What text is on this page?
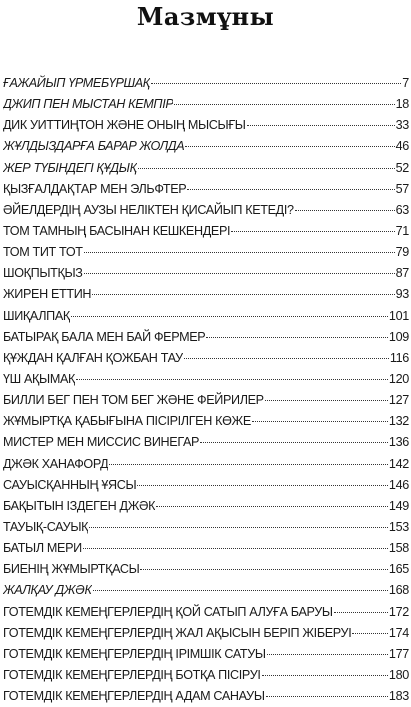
Мазмұны
ҒАЖАЙЫП ҮРМЕБҮРШАҚ	7
ДЖИП ПЕН МЫСТАН КЕМПІР	18
ДИК УИТТИҢТОН ЖӘНЕ ОНЫҢ МЫСЫҒЫ	33
ЖҰЛДЫЗДАРҒА БАРАР ЖОЛДА	46
ЖЕР ТҮБІНДЕГІ ҚҰДЫҚ	52
ҚЫЗҒАЛДАҚТАР МЕН ЭЛЬФТЕР	57
ӘЙЕЛДЕРДІҢ АУЗЫ НЕЛІКТЕН ҚИСАЙЫП КЕТЕДІ?	63
ТОМ ТАМНЫҢ БАСЫНАН КЕШКЕНДЕРІ	71
ТОМ ТИТ ТОТ	79
ШОҚПЫТҚЫЗ	87
ЖИРЕН ЕТТИН	93
ШИҚАЛПАҚ	101
БАТЫРАҚ БАЛА МЕН БАЙ ФЕРМЕР	109
ҚҰЖДАН ҚАЛҒАН ҚОЖБАН ТАУ	116
ҮШ АҚЫМАҚ	120
БИЛЛИ БЕГ ПЕН ТОМ БЕГ ЖӘНЕ ФЕЙРИЛЕР	127
ЖҰМЫРТҚА ҚАБЫҒЫНА ПІСІРІЛГЕН КӨЖЕ	132
МИСТЕР МЕН МИССИС ВИНЕГАР	136
ДЖӘК ХАНАФОРД	142
САУЫСҚАННЫҢ ҰЯСЫ	146
БАҚЫТЫН ІЗДЕГЕН ДЖӘК	149
ТАУЫҚ-САУЫҚ	153
БАТЫЛ МЕРИ	158
БИЕНІҢ ЖҰМЫРТҚАСЫ	165
ЖАЛҚАУ ДЖӘК	168
ГОТЕМДІК КЕМЕҢГЕРЛЕРДІҢ ҚОЙ САТЫП АЛУҒА БАРУЫ	172
ГОТЕМДІК КЕМЕҢГЕРЛЕРДІҢ ЖАЛ АҚЫСЫН БЕРІП ЖІБЕРУІ	174
ГОТЕМДІК КЕМЕҢГЕРЛЕРДІҢ ІРІМШІК САТУЫ	177
ГОТЕМДІК КЕМЕҢГЕРЛЕРДІҢ БОТҚА ПІСІРУІ	180
ГОТЕМДІК КЕМЕҢГЕРЛЕРДІҢ АДАМ САНАУЫ	183
